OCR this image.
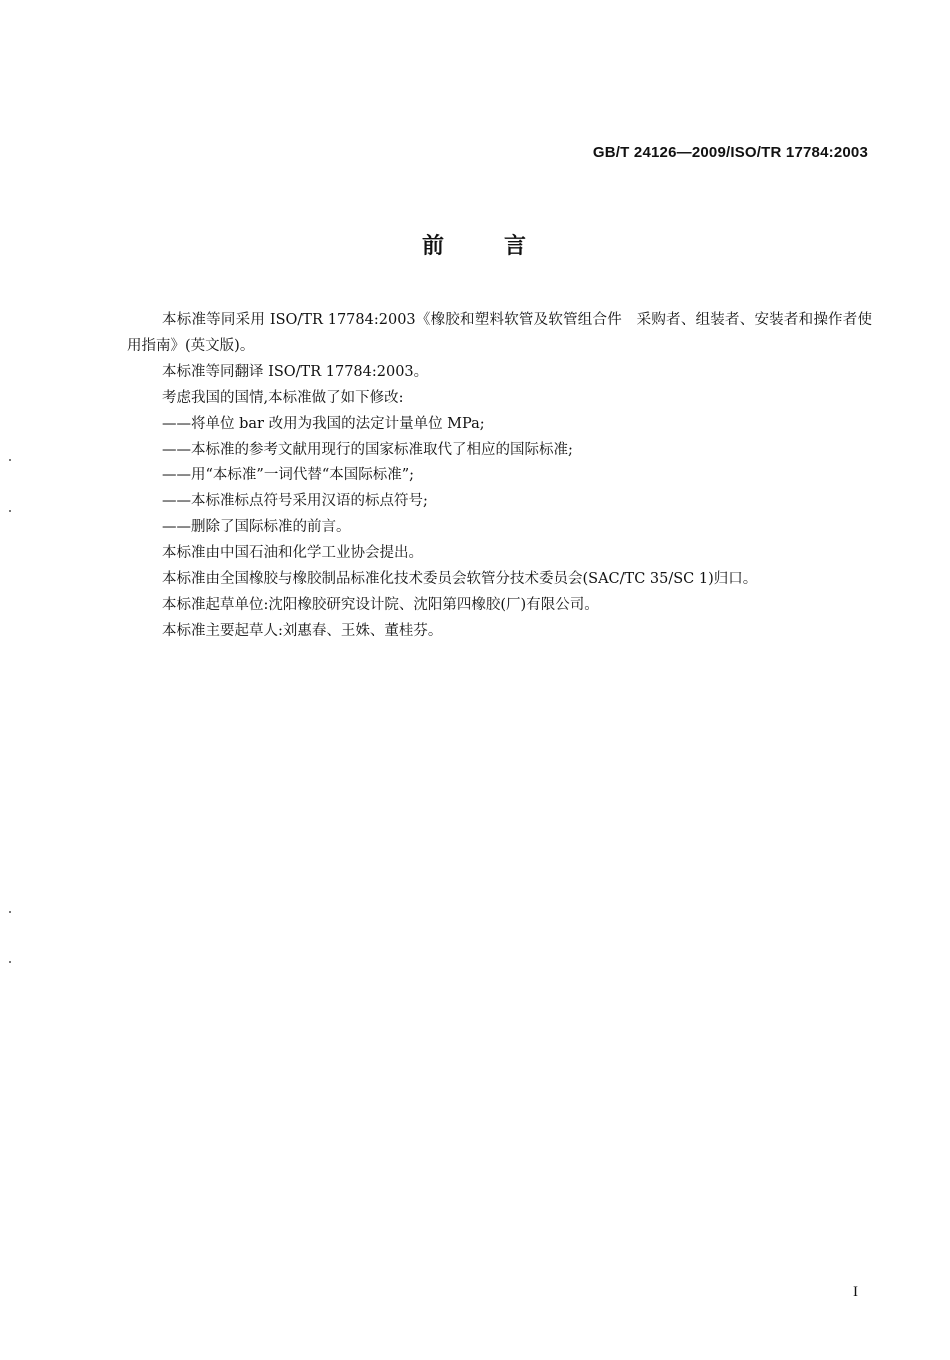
GB/T 24126—2009/ISO/TR 17784:2003
前言

本标准等同采用 ISO/TR 17784:2003《橡胶和塑料软管及软管组合件　采购者、组装者、安装者和操作者使用指南》(英文版)。

本标准等同翻译 ISO/TR 17784:2003。

考虑我国的国情,本标准做了如下修改:

——将单位 bar 改用为我国的法定计量单位 MPa;

——本标准的参考文献用现行的国家标准取代了相应的国际标准;

——用“本标准”一词代替“本国际标准”;

——本标准标点符号采用汉语的标点符号;

——删除了国际标准的前言。

本标准由中国石油和化学工业协会提出。

本标准由全国橡胶与橡胶制品标准化技术委员会软管分技术委员会(SAC/TC 35/SC 1)归口。

本标准起草单位:沈阳橡胶研究设计院、沈阳第四橡胶(厂)有限公司。

本标准主要起草人:刘惠春、王姝、董桂芬。

I
